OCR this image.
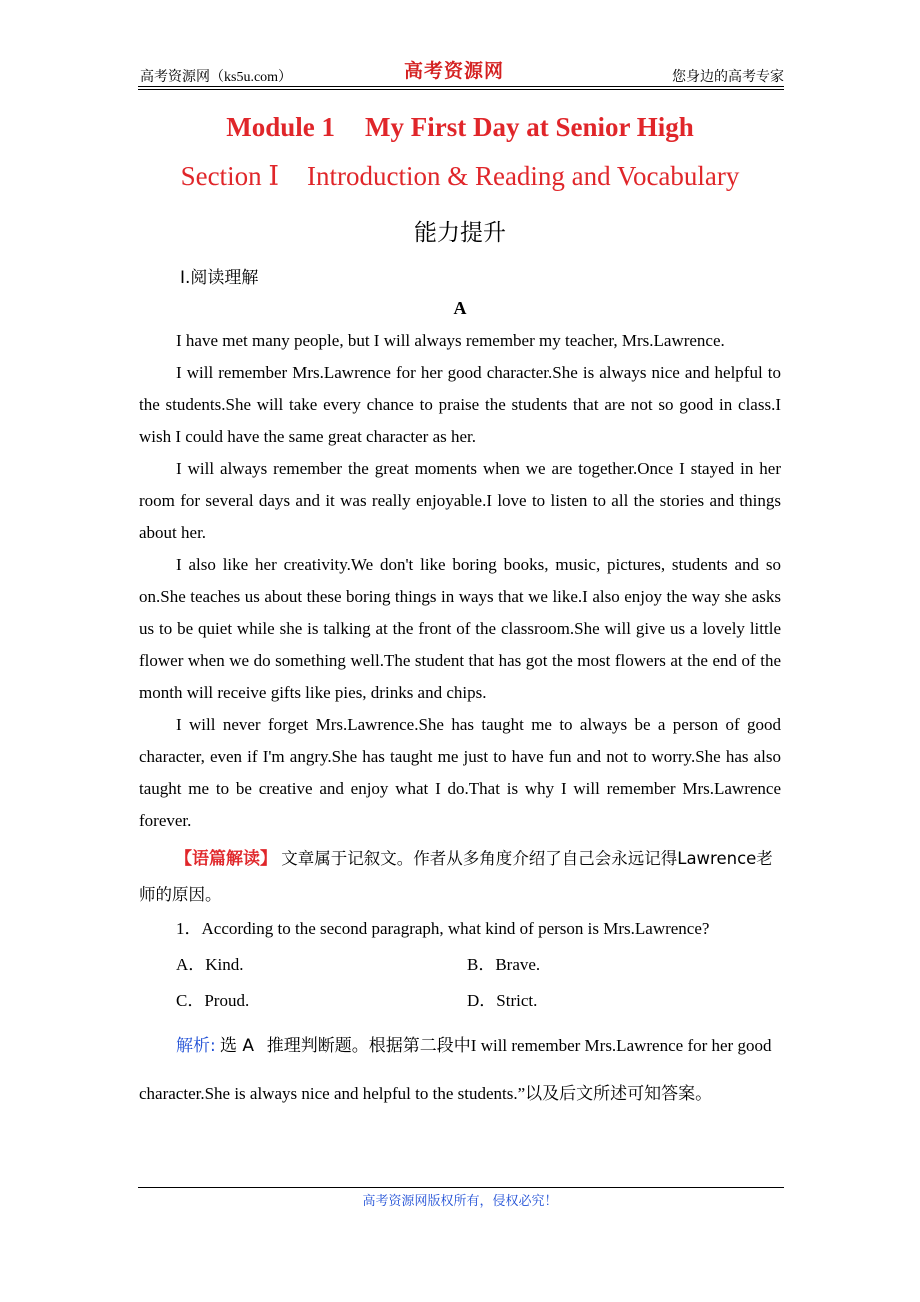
高考资源网（ks5u.com）	高考资源网	您身边的高考专家
Module 1 My First Day at Senior High
Section Ⅰ Introduction & Reading and Vocabulary
能力提升
Ⅰ.阅读理解
A

I have met many people, but I will always remember my teacher, Mrs.Lawrence.

I will remember Mrs.Lawrence for her good character.She is always nice and helpful to the students.She will take every chance to praise the students that are not so good in class.I wish I could have the same great character as her.

I will always remember the great moments when we are together.Once I stayed in her room for several days and it was really enjoyable.I love to listen to all the stories and things about her.

I also like her creativity.We don't like boring books, music, pictures, students and so on.She teaches us about these boring things in ways that we like.I also enjoy the way she asks us to be quiet while she is talking at the front of the classroom.She will give us a lovely little flower when we do something well.The student that has got the most flowers at the end of the month will receive gifts like pies, drinks and chips.

I will never forget Mrs.Lawrence.She has taught me to always be a person of good character, even if I'm angry.She has taught me just to have fun and not to worry.She has also taught me to be creative and enjoy what I do.That is why I will remember Mrs.Lawrence forever.

【语篇解读】 文章属于记叙文。作者从多角度介绍了自己会永远记得Lawrence老师的原因。
1．According to the second paragraph, what kind of person is Mrs.Lawrence?
A．Kind.	B．Brave.
C．Proud.	D．Strict.
解析: 选 A 推理判断题。根据第二段中I will remember Mrs.Lawrence for her good character.She is always nice and helpful to the students.”以及后文所述可知答案。
高考资源网版权所有，侵权必究！
